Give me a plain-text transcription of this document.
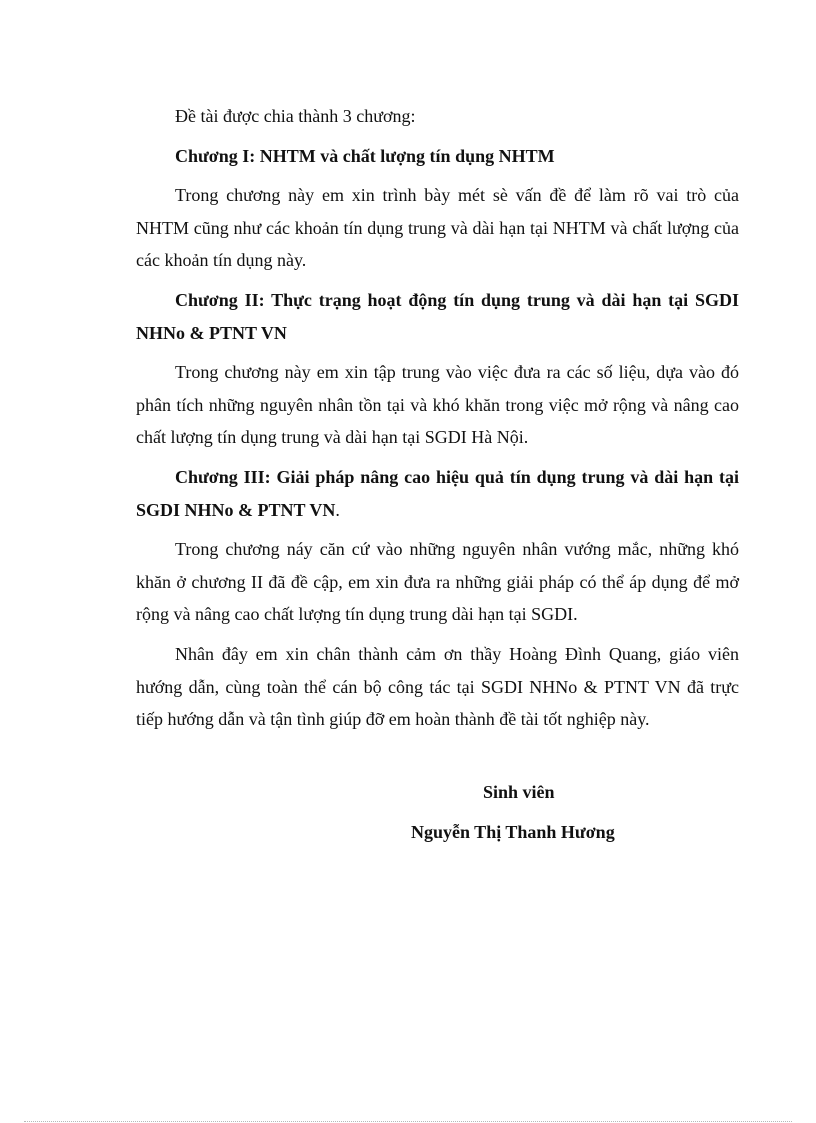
Đề tài được chia thành 3 chương:

Chương I: NHTM và chất lượng tín dụng NHTM

Trong chương này em xin trình bày mét sè vấn đề để làm rõ vai trò của NHTM cũng như các khoản tín dụng trung và dài hạn tại NHTM và chất lượng của các khoản tín dụng này.

Chương II: Thực trạng hoạt động tín dụng trung và dài hạn tại SGDI NHNo & PTNT VN

Trong chương này em xin tập trung vào việc đưa ra các số liệu, dựa vào đó phân tích những nguyên nhân tồn tại và khó khăn trong việc mở rộng và nâng cao chất lượng tín dụng trung và dài hạn tại SGDI Hà Nội.

Chương III: Giải pháp nâng cao hiệu quả tín dụng trung và dài hạn tại SGDI NHNo & PTNT VN.

Trong chương náy căn cứ vào những nguyên nhân vướng mắc, những khó khăn ở chương II đã đề cập, em xin đưa ra những giải pháp có thể áp dụng để mở rộng và nâng cao chất lượng tín dụng trung dài hạn tại SGDI.

Nhân đây em xin chân thành cảm ơn thầy Hoàng Đình Quang, giáo viên hướng dẫn, cùng toàn thể cán bộ công tác tại SGDI NHNo & PTNT VN đã trực tiếp hướng dẫn và tận tình giúp đỡ em hoàn thành đề tài tốt nghiệp này.

Sinh viên
Nguyễn Thị Thanh Hương
